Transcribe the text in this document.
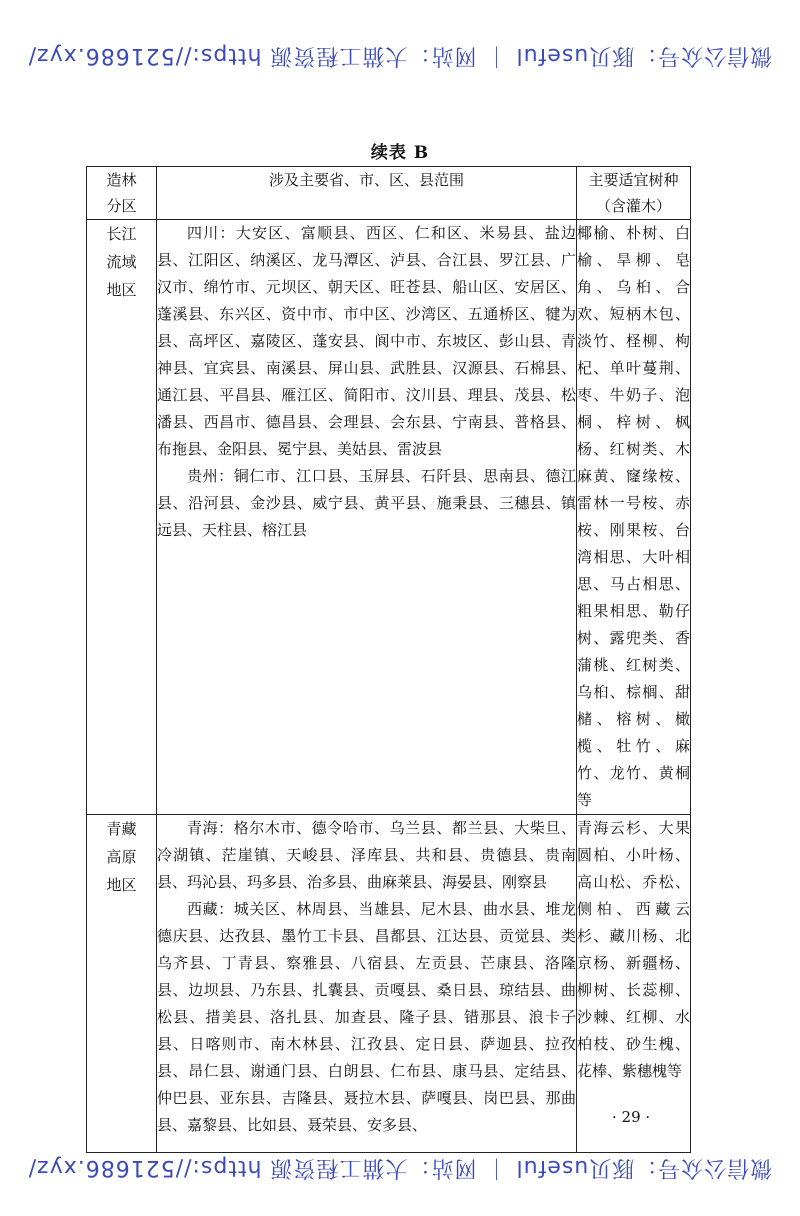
微信公众号：豚贝useful ｜ 网站：大猫工程资源 https://521686.xyz/
续表 B
造林分区	涉及主要省、市、区、县范围	主要适宜树种（含灌木）
长江流域地区	四川：大安区、富顺县、西区、仁和区、米易县、盐边县、江阳区、纳溪区、龙马潭区、泸县、合江县、罗江县、广汉市、绵竹市、元坝区、朝天区、旺苍县、船山区、安居区、蓬溪县、东兴区、资中市、市中区、沙湾区、五通桥区、犍为县、高坪区、嘉陵区、蓬安县、阆中市、东坡区、彭山县、青神县、宜宾县、南溪县、屏山县、武胜县、汉源县、石棉县、通江县、平昌县、雁江区、简阳市、汶川县、理县、茂县、松潘县、西昌市、德昌县、会理县、会东县、宁南县、普格县、布拖县、金阳县、冕宁县、美姑县、雷波县

贵州：铜仁市、江口县、玉屏县、石阡县、思南县、德江县、沿河县、金沙县、威宁县、黄平县、施秉县、三穗县、镇远县、天柱县、榕江县	椰榆、朴树、白榆、旱柳、皂角、乌桕、合欢、短柄木包、淡竹、柽柳、枸杞、单叶蔓荆、枣、牛奶子、泡桐、梓树、枫杨、红树类、木麻黄、窿缘桉、雷林一号桉、赤桉、刚果桉、台湾相思、大叶相思、马占相思、粗果相思、勒仔树、露兜类、香蒲桃、红树类、乌桕、棕榈、甜槠、榕树、橄榄、牡竹、麻竹、龙竹、黄桐等
青藏高原地区	青海：格尔木市、德令哈市、乌兰县、都兰县、大柴旦、冷湖镇、茫崖镇、天峻县、泽库县、共和县、贵德县、贵南县、玛沁县、玛多县、治多县、曲麻莱县、海晏县、刚察县

西藏：城关区、林周县、当雄县、尼木县、曲水县、堆龙德庆县、达孜县、墨竹工卡县、昌都县、江达县、贡觉县、类乌齐县、丁青县、察雅县、八宿县、左贡县、芒康县、洛隆县、边坝县、乃东县、扎囊县、贡嘎县、桑日县、琼结县、曲松县、措美县、洛扎县、加查县、隆子县、错那县、浪卡子县、日喀则市、南木林县、江孜县、定日县、萨迦县、拉孜县、昂仁县、谢通门县、白朗县、仁布县、康马县、定结县、仲巴县、亚东县、吉隆县、聂拉木县、萨嘎县、岗巴县、那曲县、嘉黎县、比如县、聂荣县、安多县、	青海云杉、大果圆柏、小叶杨、高山松、乔松、侧柏、西藏云杉、藏川杨、北京杨、新疆杨、柳树、长蕊柳、沙棘、红柳、水柏枝、砂生槐、花棒、紫穗槐等
· 29 ·
微信公众号：豚贝useful ｜ 网站：大猫工程资源 https://521686.xyz/
